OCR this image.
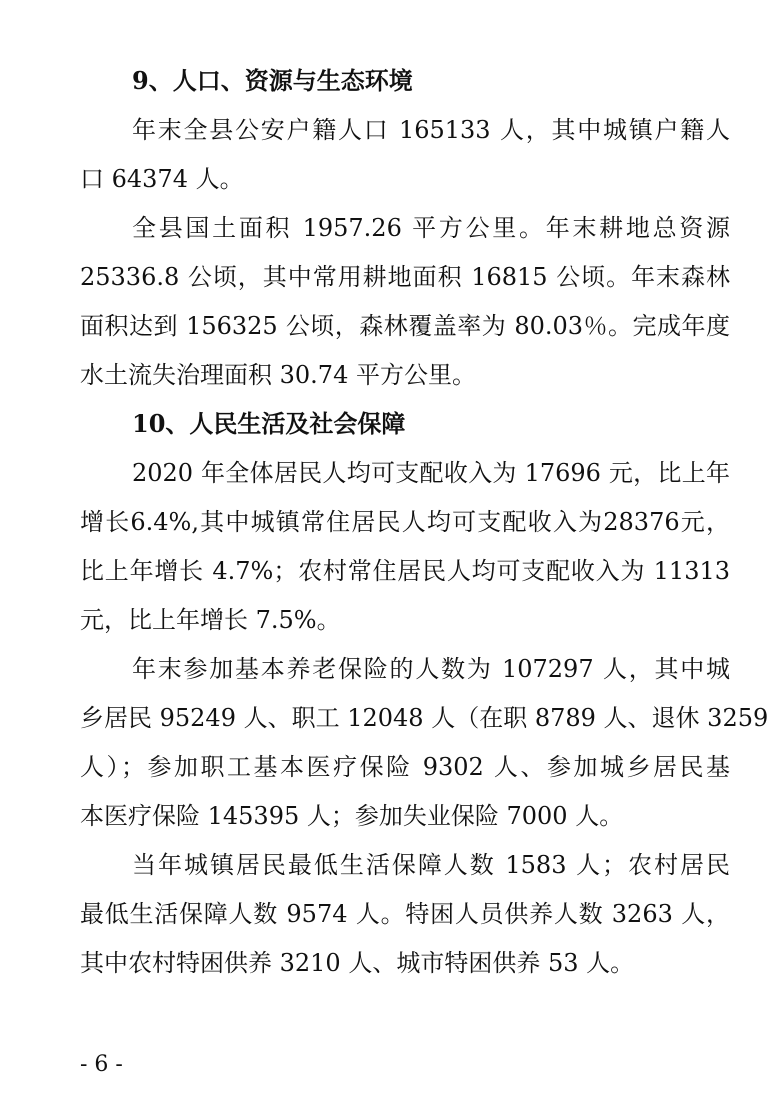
9、人口、资源与生态环境
年末全县公安户籍人口 165133 人，其中城镇户籍人
口 64374 人。
全县国土面积 1957.26 平方公里。年末耕地总资源
25336.8 公顷，其中常用耕地面积 16815 公顷。年末森林
面积达到 156325 公顷，森林覆盖率为 80.03％。完成年度
水土流失治理面积 30.74 平方公里。
10、人民生活及社会保障
2020 年全体居民人均可支配收入为 17696 元，比上年
增长6.4%,其中城镇常住居民人均可支配收入为28376元，
比上年增长 4.7%；农村常住居民人均可支配收入为 11313
元，比上年增长 7.5%。
年末参加基本养老保险的人数为 107297 人，其中城
乡居民 95249 人、职工 12048 人（在职 8789 人、退休 3259
人）；参加职工基本医疗保险 9302 人、参加城乡居民基
本医疗保险 145395 人；参加失业保险 7000 人。
当年城镇居民最低生活保障人数 1583 人；农村居民
最低生活保障人数 9574 人。特困人员供养人数 3263 人，
其中农村特困供养 3210 人、城市特困供养 53 人。
- 6 -
